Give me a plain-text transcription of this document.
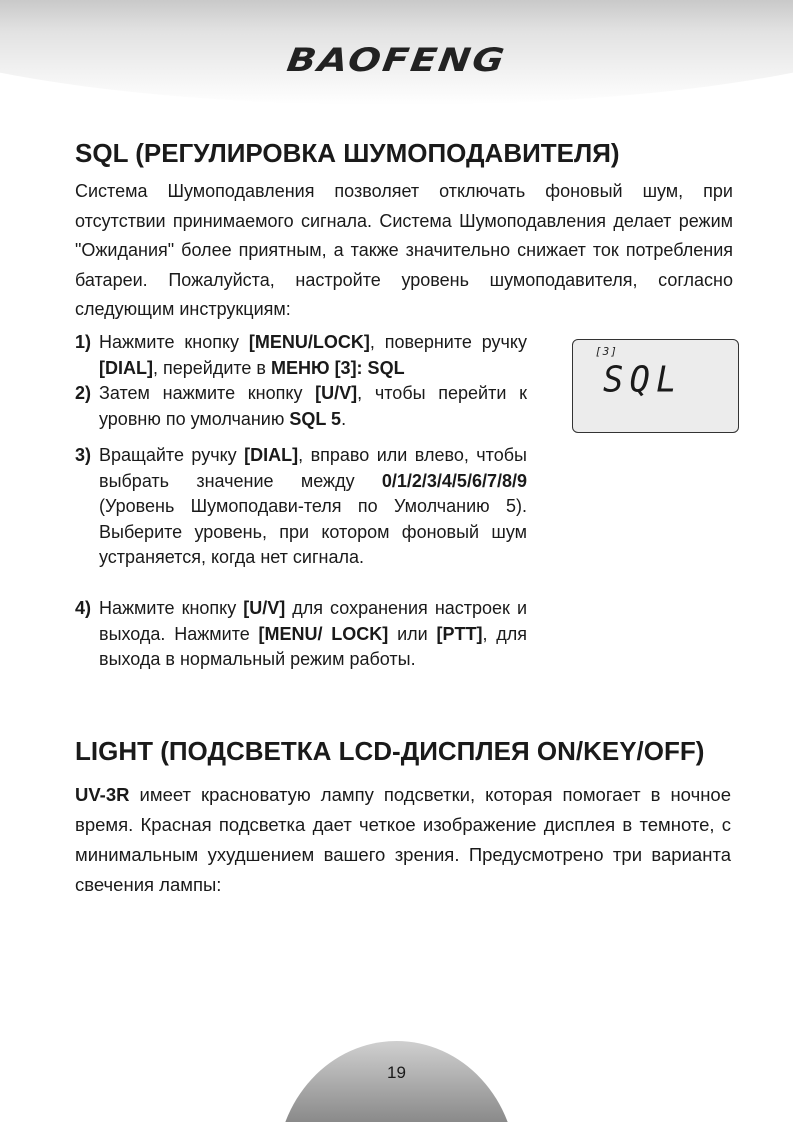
BAOFENG
SQL (РЕГУЛИРОВКА ШУМОПОДАВИТЕЛЯ)

Система Шумоподавления позволяет отключать фоновый шум, при отсутствии принимаемого сигнала. Система Шумоподавления делает режим "Ожидания" более приятным, а также значительно снижает ток потребления батареи. Пожалуйста, настройте уровень шумоподавителя, согласно следующим инструкциям:

1) Нажмите кнопку [MENU/LOCK], поверните ручку [DIAL], перейдите в МЕНЮ [3]: SQL
2) Затем нажмите кнопку [U/V], чтобы перейти к уровню по умолчанию SQL 5.
3) Вращайте ручку [DIAL], вправо или влево, чтобы выбрать значение между 0/1/2/3/4/5/6/7/8/9 (Уровень Шумоподави-теля по Умолчанию 5). Выберите уровень, при котором фоновый шум устраняется, когда нет сигнала.
4) Нажмите кнопку [U/V] для сохранения настроек и выхода. Нажмите [MENU/ LOCK] или [PTT], для выхода в нормальный режим работы.
[3]
SQL
LIGHT (ПОДСВЕТКА LCD-ДИСПЛЕЯ ON/KEY/OFF)

UV-3R имеет красноватую лампу подсветки, которая помогает в ночное время. Красная подсветка дает четкое изображение дисплея в темноте, с минимальным ухудшением вашего зрения. Предусмотрено три варианта свечения лампы:

19
